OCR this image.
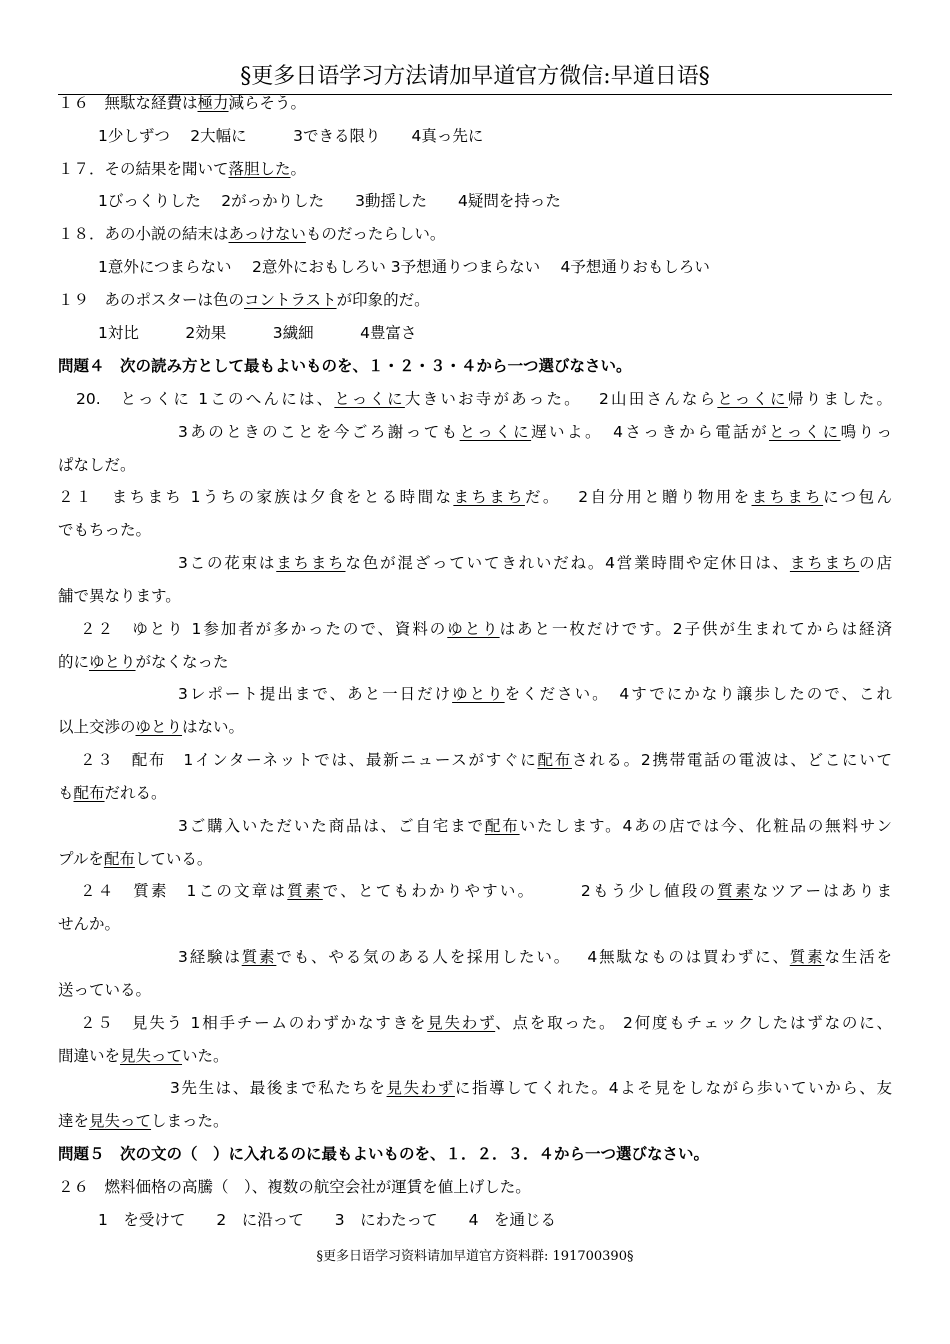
§更多日语学习方法请加早道官方微信:早道日语§
１６　無駄な経費は極力減らそう。
1少しずつ　 2大幅に　　　3できる限り　　4真っ先に
１７．その結果を聞いて落胆した。
1びっくりした　 2がっかりした　　3動揺した　　4疑問を持った
１８．あの小説の結末はあっけないものだったらしい。
1意外につまらない　 2意外におもしろい 3予想通りつまらない　 4予想通りおもしろい
１９　あのポスターは色のコントラストが印象的だ。
1対比　　　2効果　　　3繊細　　　4豊富さ
問題４　次の読み方として最もよいものを、１・２・３・４から一つ選びなさい。
20.　とっくに 1このへんには、とっくに大きいお寺があった。　 2山田さんならとっくに帰りました。
3あのときのことを今ごろ謝ってもとっくに遅いよ。　4さっきから電話がとっくに鳴りっ
ぱなしだ。
２１　まちまち 1うちの家族は夕食をとる時間なまちまちだ。　 2自分用と贈り物用をまちまちにつ包ん
でもちった。
3この花束はまちまちな色が混ざっていてきれいだね。4営業時間や定休日は、まちまちの店
舗で異なります。
２２　ゆとり 1参加者が多かったので、資料のゆとりはあと一枚だけです。2子供が生まれてからは経済
的にゆとりがなくなった
3レポート提出まで、あと一日だけゆとりをください。　4すでにかなり譲歩したので、これ
以上交渉のゆとりはない。
２３　配布　1インターネットでは、最新ニュースがすぐに配布される。2携帯電話の電波は、どこにいて
も配布だれる。
3ご購入いただいた商品は、ご自宅まで配布いたします。4あの店では今、化粧品の無料サン
プルを配布している。
２４　質素　1この文章は質素で、とてもわかりやすい。　　　2もう少し値段の質素なツアーはありま
せんか。
3経験は質素でも、やる気のある人を採用したい。　 4無駄なものは買わずに、質素な生活を
送っている。
２５　見失う 1相手チームのわずかなすきを見失わず、点を取った。 2何度もチェックしたはずなのに、
間違いを見失っていた。
3先生は、最後まで私たちを見失わずに指導してくれた。4よそ見をしながら歩いていから、友
達を見失ってしまった。
問題５　次の文の（　）に入れるのに最もよいものを、１．２．３．４から一つ選びなさい。
２６　燃料価格の高騰（　）、複数の航空会社が運賃を値上げした。
1　を受けて　　2　に沿って　　3　にわたって　　4　を通じる
§更多日语学习资料请加早道官方资料群: 191700390§
